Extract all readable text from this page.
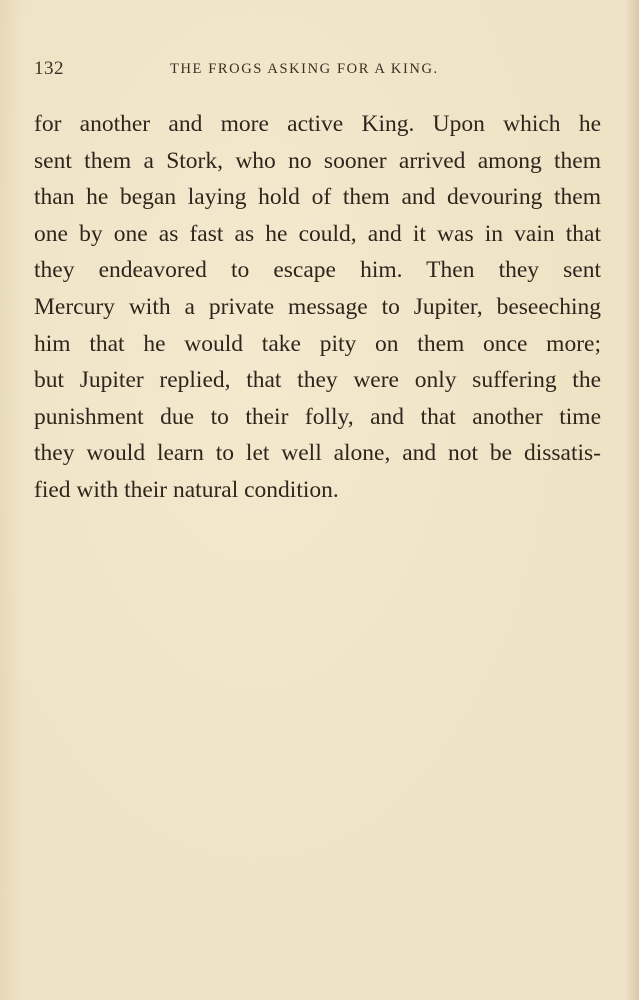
132	THE FROGS ASKING FOR A KING.
for another and more active King. Upon which he
sent them a Stork, who no sooner arrived among them
than he began laying hold of them and devouring them
one by one as fast as he could, and it was in vain that
they endeavored to escape him. Then they sent
Mercury with a private message to Jupiter, beseeching
him that he would take pity on them once more;
but Jupiter replied, that they were only suffering the
punishment due to their folly, and that another time
they would learn to let well alone, and not be dissatis-
fied with their natural condition.
